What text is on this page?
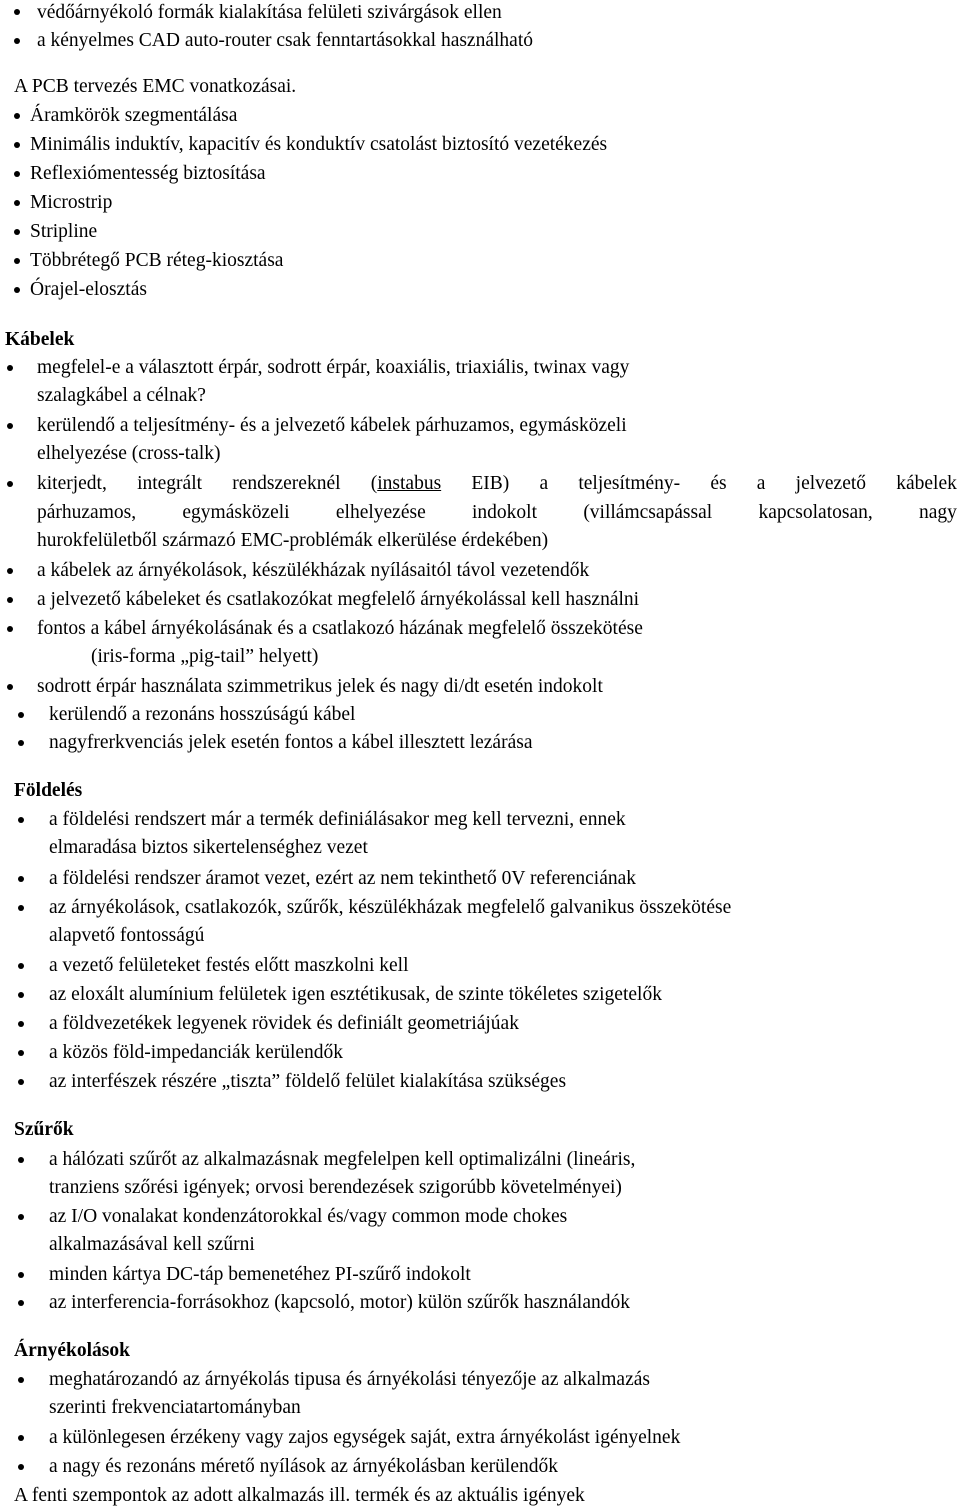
védőárnyékoló formák kialakítása felületi szivárgások ellen
a kényelmes CAD auto-router csak fenntartásokkal használható
A PCB tervezés EMC vonatkozásai.
Áramkörök szegmentálása
Minimális induktív, kapacitív és konduktív csatolást biztosító vezetékezés
Reflexiómentesség biztosítása
Microstrip
Stripline
Többrétegő PCB réteg-kiosztása
Órajel-elosztás
Kábelek
megfelel-e a választott érpár, sodrott érpár, koaxiális, triaxiális, twinax vagy
szalagkábel a célnak?
kerülendő a teljesítmény- és a jelvezető kábelek párhuzamos, egymásközeli
elhelyezése (cross-talk)
kiterjedt, integrált rendszereknél (instabus EIB) a teljesítmény- és a jelvezető kábelek
párhuzamos, egymásközeli elhelyezése indokolt (villámcsapással kapcsolatosan, nagy
hurokfelületből származó EMC-problémák elkerülése érdekében)
a kábelek az árnyékolások, készülékházak nyílásaitól távol vezetendők
a jelvezető kábeleket és csatlakozókat megfelelő árnyékolással kell használni
fontos a kábel árnyékolásának és a csatlakozó házának megfelelő összekötése
(iris-forma „pig-tail” helyett)
sodrott érpár használata szimmetrikus jelek és nagy di/dt esetén indokolt
kerülendő a rezonáns hosszúságú kábel
nagyfrerkvenciás jelek esetén fontos a kábel illesztett lezárása
Földelés
a földelési rendszert már a termék definiálásakor meg kell tervezni, ennek
elmaradása biztos sikertelenséghez vezet
a földelési rendszer áramot vezet, ezért az nem tekinthető 0V referenciának
az árnyékolások, csatlakozók, szűrők, készülékházak megfelelő galvanikus összekötése
alapvető fontosságú
a vezető felületeket festés előtt maszkolni kell
az eloxált alumínium felületek igen esztétikusak, de szinte tökéletes szigetelők
a földvezetékek legyenek rövidek és definiált geometriájúak
a közös föld-impedanciák kerülendők
az interfészek részére „tiszta” földelő felület kialakítása szükséges
Szűrők
a hálózati szűrőt az alkalmazásnak megfelelpen kell optimalizálni (lineáris,
tranziens szőrési igények; orvosi berendezések szigorúbb követelményei)
az I/O vonalakat kondenzátorokkal és/vagy common mode chokes
alkalmazásával kell szűrni
minden kártya DC-táp bemenetéhez PI-szűrő indokolt
az interferencia-forrásokhoz (kapcsoló, motor) külön szűrők használandók
Árnyékolások
meghatározandó az árnyékolás tipusa és árnyékolási tényezője az alkalmazás
szerinti frekvenciatartományban
a különlegesen érzékeny vagy zajos egységek saját, extra árnyékolást igényelnek
a nagy és rezonáns mérető nyílások az árnyékolásban kerülendők
A fenti szempontok az adott alkalmazás ill. termék és az aktuális igények
